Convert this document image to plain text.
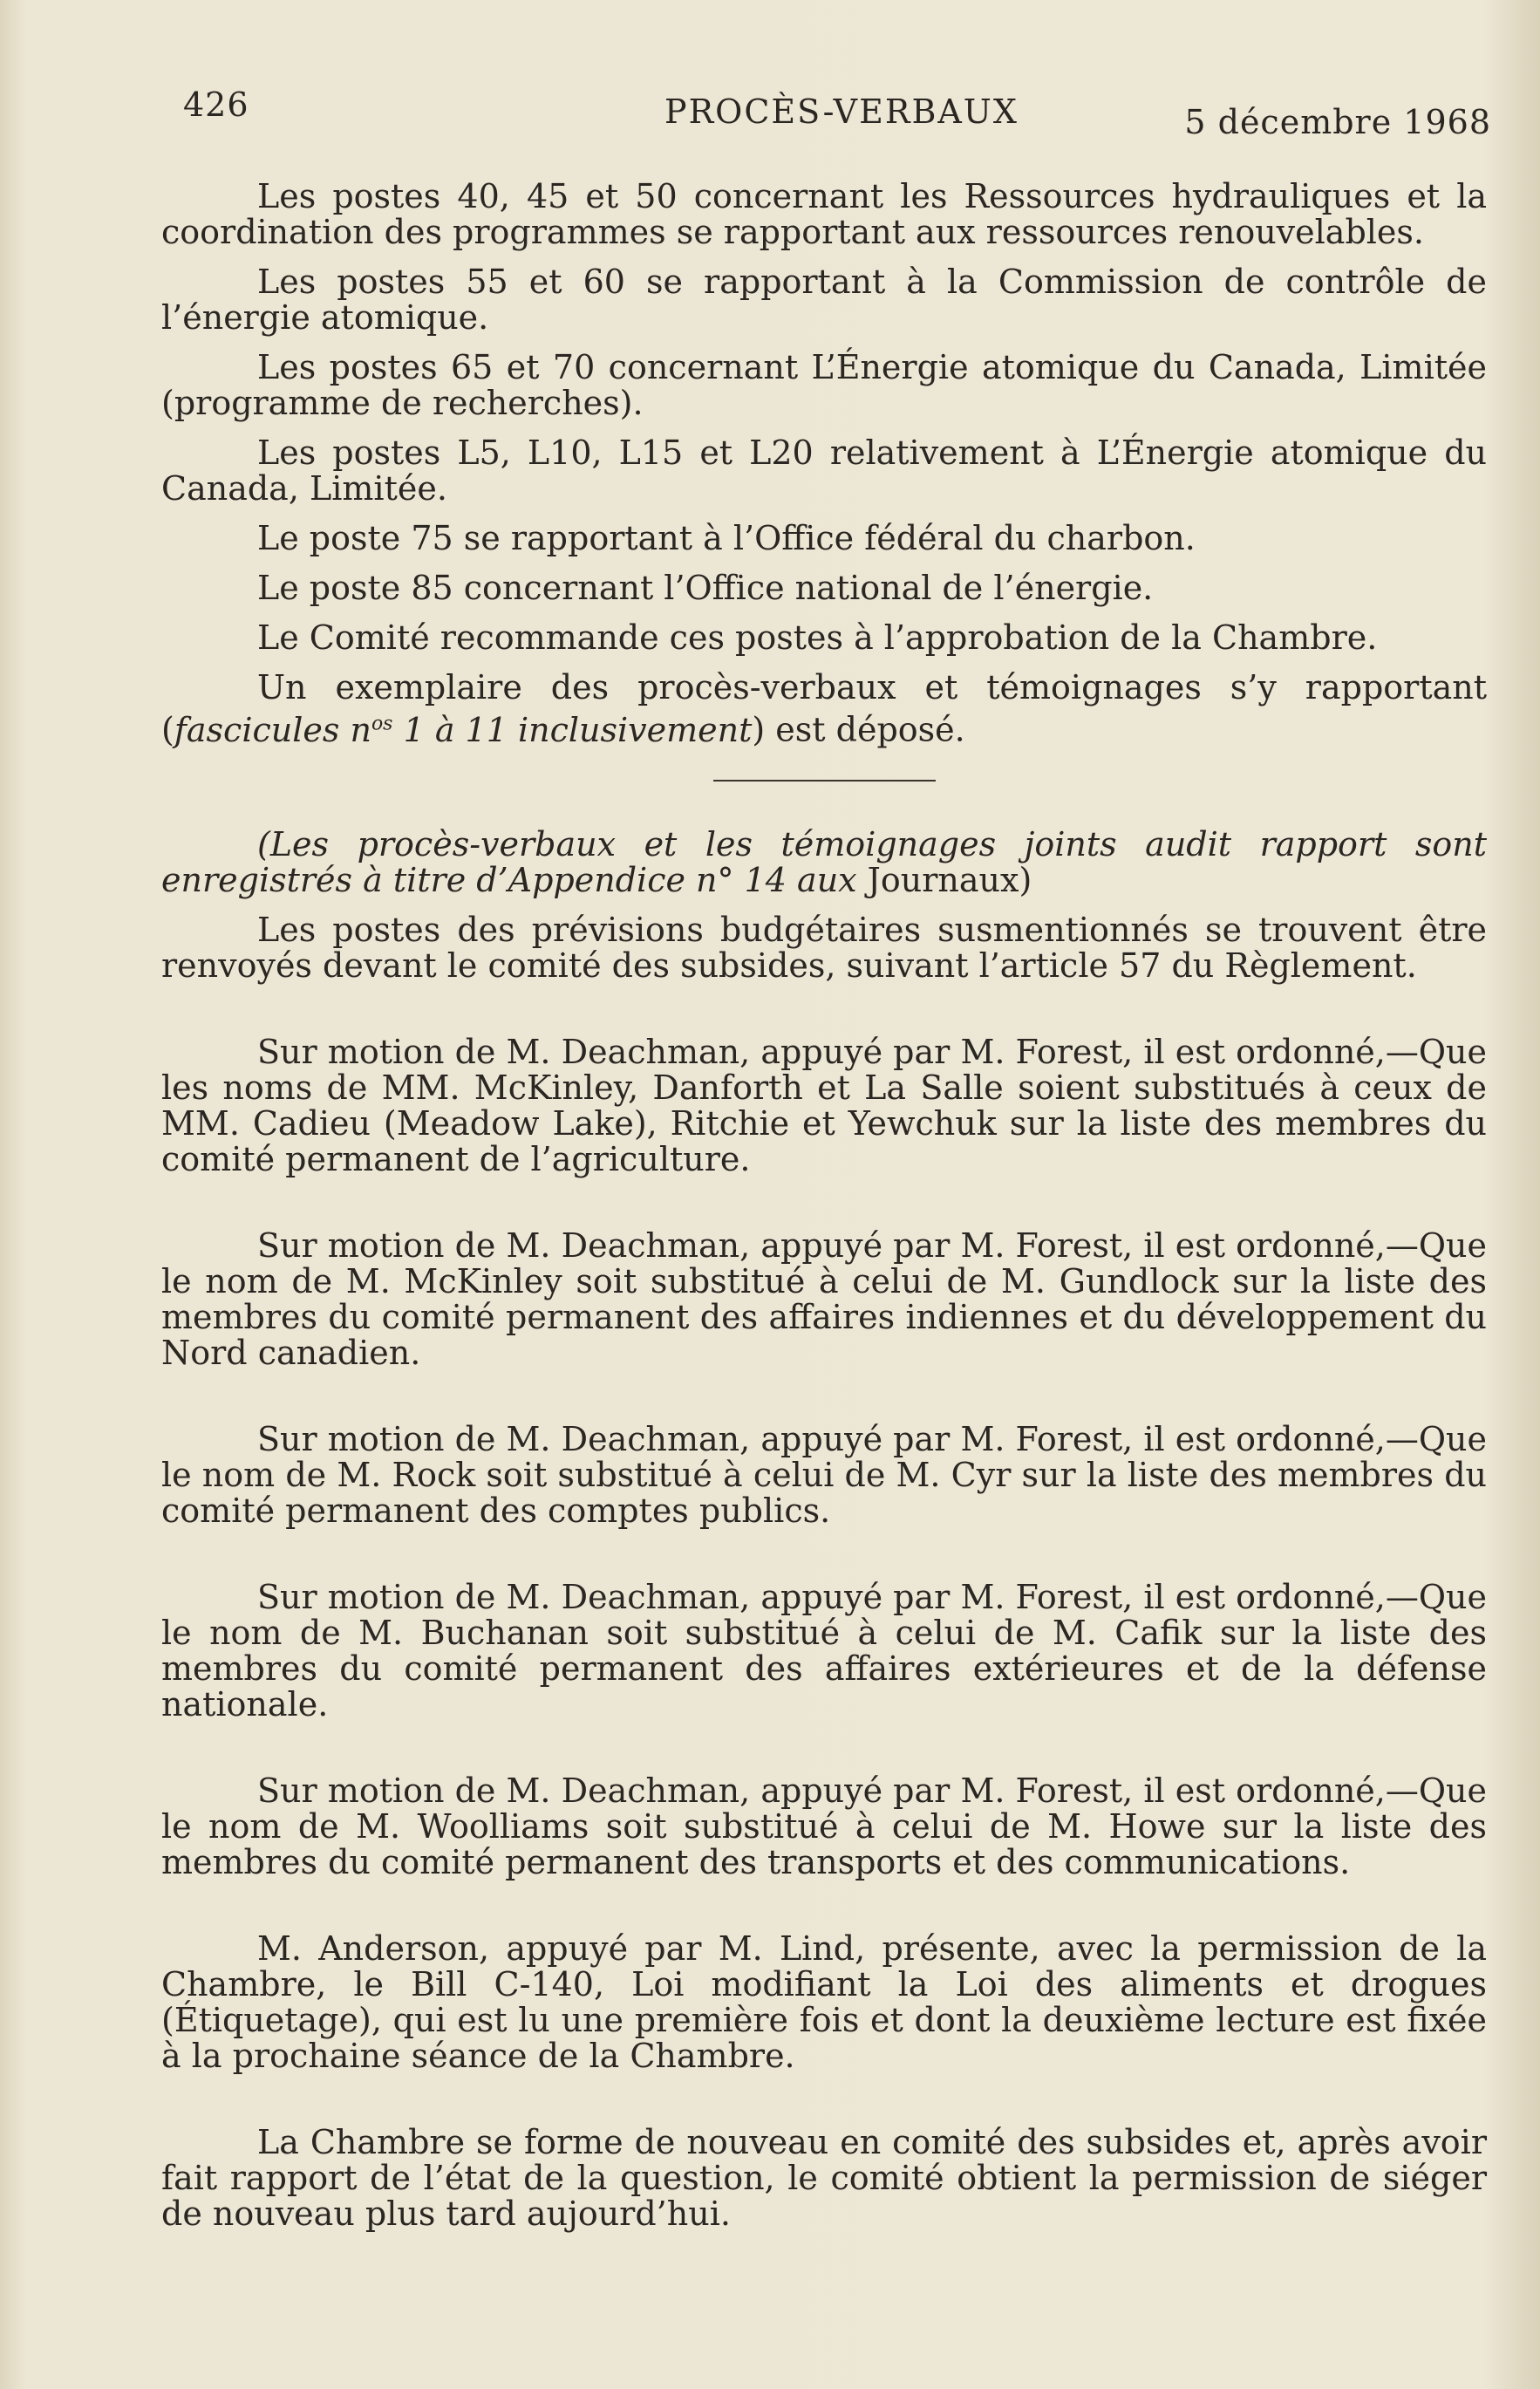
426	PROCÈS-VERBAUX	5 décembre 1968

Les postes 40, 45 et 50 concernant les Ressources hydrauliques et la coordination des programmes se rapportant aux ressources renouvelables.

Les postes 55 et 60 se rapportant à la Commission de contrôle de l’énergie atomique.

Les postes 65 et 70 concernant L’Énergie atomique du Canada, Limitée (programme de recherches).

Les postes L5, L10, L15 et L20 relativement à L’Énergie atomique du Canada, Limitée.

Le poste 75 se rapportant à l’Office fédéral du charbon.

Le poste 85 concernant l’Office national de l’énergie.

Le Comité recommande ces postes à l’approbation de la Chambre.

Un exemplaire des procès-verbaux et témoignages s’y rapportant (fascicules $n^{os}$ 1 à 11 inclusivement) est déposé.

(Les procès-verbaux et les témoignages joints audit rapport sont enregistrés à titre d’Appendice n° 14 aux Journaux)

Les postes des prévisions budgétaires susmentionnés se trouvent être renvoyés devant le comité des subsides, suivant l’article 57 du Règlement.

Sur motion de M. Deachman, appuyé par M. Forest, il est ordonné,—Que les noms de MM. McKinley, Danforth et La Salle soient substitués à ceux de MM. Cadieu (Meadow Lake), Ritchie et Yewchuk sur la liste des membres du comité permanent de l’agriculture.

Sur motion de M. Deachman, appuyé par M. Forest, il est ordonné,—Que le nom de M. McKinley soit substitué à celui de M. Gundlock sur la liste des membres du comité permanent des affaires indiennes et du développement du Nord canadien.

Sur motion de M. Deachman, appuyé par M. Forest, il est ordonné,—Que le nom de M. Rock soit substitué à celui de M. Cyr sur la liste des membres du comité permanent des comptes publics.

Sur motion de M. Deachman, appuyé par M. Forest, il est ordonné,—Que le nom de M. Buchanan soit substitué à celui de M. Cafik sur la liste des membres du comité permanent des affaires extérieures et de la défense nationale.

Sur motion de M. Deachman, appuyé par M. Forest, il est ordonné,—Que le nom de M. Woolliams soit substitué à celui de M. Howe sur la liste des membres du comité permanent des transports et des communications.

M. Anderson, appuyé par M. Lind, présente, avec la permission de la Chambre, le Bill C-140, Loi modifiant la Loi des aliments et drogues (Étiquetage), qui est lu une première fois et dont la deuxième lecture est fixée à la prochaine séance de la Chambre.

La Chambre se forme de nouveau en comité des subsides et, après avoir fait rapport de l’état de la question, le comité obtient la permission de siéger de nouveau plus tard aujourd’hui.
